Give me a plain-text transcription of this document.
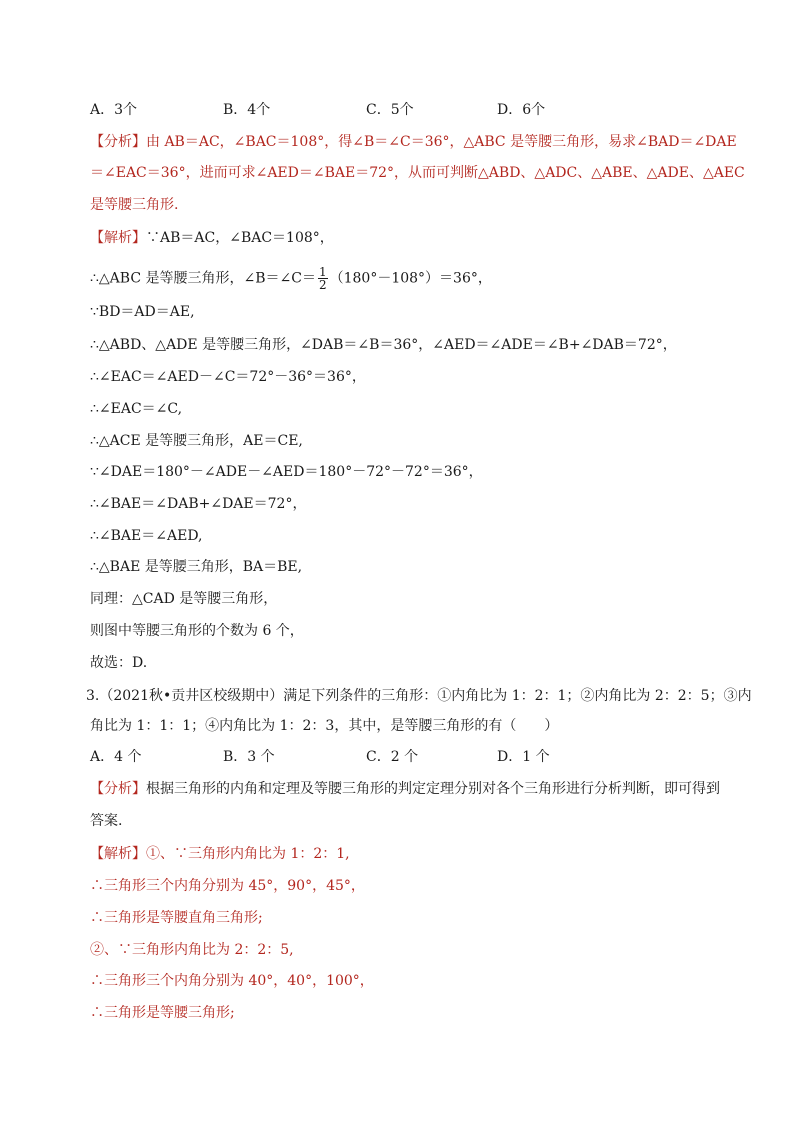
A．3个	B．4个	C．5个	D．6个
【分析】由 AB＝AC，∠BAC＝108°，得∠B＝∠C＝36°，△ABC 是等腰三角形，易求∠BAD＝∠DAE
＝∠EAC＝36°，进而可求∠AED＝∠BAE＝72°，从而可判断△ABD、△ADC、△ABE、△ADE、△AEC
是等腰三角形.
【解析】∵AB＝AC，∠BAC＝108°，
∴△ABC 是等腰三角形，∠B＝∠C＝ $\frac{1}{2} (180^\circ-108^\circ)=36^\circ$，
∵BD＝AD＝AE,
∴△ABD、△ADE 是等腰三角形，∠DAB＝∠B＝36°，∠AED＝∠ADE＝∠B+∠DAB＝72°，
∴∠EAC＝∠AED－∠C＝72°－36°＝36°，
∴∠EAC＝∠C,
∴△ACE 是等腰三角形，AE＝CE,
∵∠DAE＝180°－∠ADE－∠AED＝180°－72°－72°＝36°，
∴∠BAE＝∠DAB+∠DAE＝72°，
∴∠BAE＝∠AED,
∴△BAE 是等腰三角形，BA＝BE,
同理：△CAD 是等腰三角形，
则图中等腰三角形的个数为 6 个，
故选：D.
3.（2021秋•贡井区校级期中）满足下列条件的三角形：①内角比为 1：2：1；②内角比为 2：2：5；③内
角比为 1：1：1；④内角比为 1：2：3，其中，是等腰三角形的有（　　）
A．4 个	B．3 个	C．2 个	D．1 个
【分析】根据三角形的内角和定理及等腰三角形的判定定理分别对各个三角形进行分析判断，即可得到
答案.
【解析】①、∵三角形内角比为 1：2：1,
∴三角形三个内角分别为 45°，90°，45°，
∴三角形是等腰直角三角形;
②、∵三角形内角比为 2：2：5,
∴三角形三个内角分别为 40°，40°，100°，
∴三角形是等腰三角形;
